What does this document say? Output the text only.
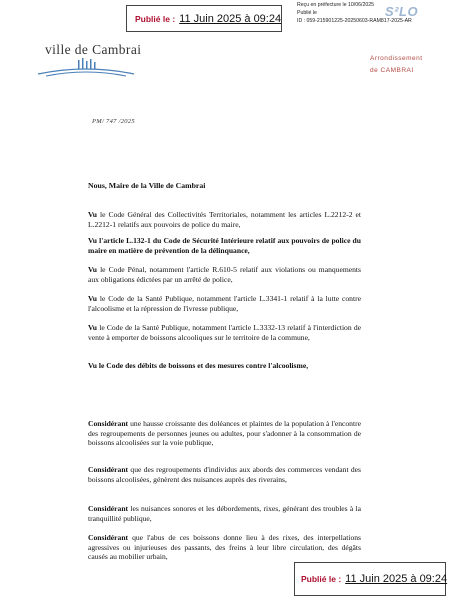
Publié le : 11 Juin 2025 à 09:24
Reçu en préfecture le 10/06/2025
Publié le
ID : 059-215901225-20250603-RAM817-2025-AR
S²LO
ville de Cambrai
Arrondissement
de CAMBRAI
PM/ 747 /2025
Nous, Maire de la Ville de Cambrai
Vu le Code Général des Collectivités Territoriales, notamment les articles L.2212-2 et L.2212-1 relatifs aux pouvoirs de police du maire,
Vu l'article L.132-1 du Code de Sécurité Intérieure relatif aux pouvoirs de police du maire en matière de prévention de la délinquance,
Vu le Code Pénal, notamment l'article R.610-5 relatif aux violations ou manquements aux obligations édictées par un arrêté de police,
Vu le Code de la Santé Publique, notamment l'article L.3341-1 relatif à la lutte contre l'alcoolisme et la répression de l'ivresse publique,
Vu le Code de la Santé Publique, notamment l'article L.3332-13 relatif à l'interdiction de vente à emporter de boissons alcooliques sur le territoire de la commune,
Vu le Code des débits de boissons et des mesures contre l'alcoolisme,
Considérant une hausse croissante des doléances et plaintes de la population à l'encontre des regroupements de personnes jeunes ou adultes, pour s'adonner à la consommation de boissons alcoolisées sur la voie publique,
Considérant que des regroupements d'individus aux abords des commerces vendant des boissons alcoolisées, génèrent des nuisances auprès des riverains,
Considérant les nuisances sonores et les débordements, rixes, générant des troubles à la tranquillité publique,
Considérant que l'abus de ces boissons donne lieu à des rixes, des interpellations agressives ou injurieuses des passants, des freins à leur libre circulation, des dégâts causés au mobilier urbain,
Publié le : 11 Juin 2025 à 09:24
